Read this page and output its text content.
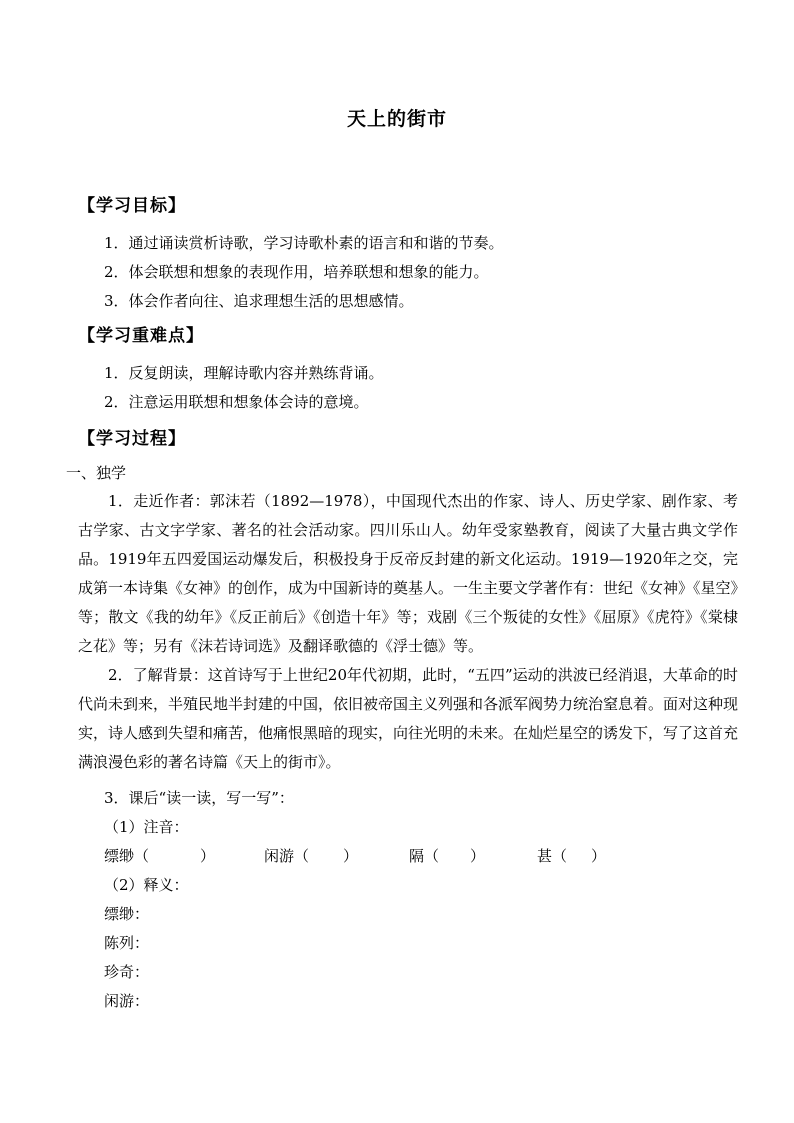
天上的街市
【学习目标】
1．通过诵读赏析诗歌，学习诗歌朴素的语言和和谐的节奏。
2．体会联想和想象的表现作用，培养联想和想象的能力。
3．体会作者向往、追求理想生活的思想感情。
【学习重难点】
1．反复朗读，理解诗歌内容并熟练背诵。
2．注意运用联想和想象体会诗的意境。
【学习过程】
一、独学
1．走近作者：郭沫若（1892—1978），中国现代杰出的作家、诗人、历史学家、剧作家、考古学家、古文字学家、著名的社会活动家。四川乐山人。幼年受家塾教育，阅读了大量古典文学作品。1919年五四爱国运动爆发后，积极投身于反帝反封建的新文化运动。1919—1920年之交，完成第一本诗集《女神》的创作，成为中国新诗的奠基人。一生主要文学著作有：世纪《女神》《星空》等；散文《我的幼年》《反正前后》《创造十年》等；戏剧《三个叛徒的女性》《屈原》《虎符》《棠棣之花》等；另有《沫若诗词选》及翻译歌德的《浮士德》等。
2．了解背景：这首诗写于上世纪20年代初期，此时，“五四”运动的洪波已经消退，大革命的时代尚未到来，半殖民地半封建的中国，依旧被帝国主义列强和各派军阀势力统治窒息着。面对这种现实，诗人感到失望和痛苦，他痛恨黑暗的现实，向往光明的未来。在灿烂星空的诱发下，写了这首充满浪漫色彩的著名诗篇《天上的街市》。
3．课后“读一读，写一写”：
（1）注音：
缥缈（	）	闲游（ ）	隔（ ）	甚（ ）
（2）释义：
缥缈：
陈列：
珍奇：
闲游：
